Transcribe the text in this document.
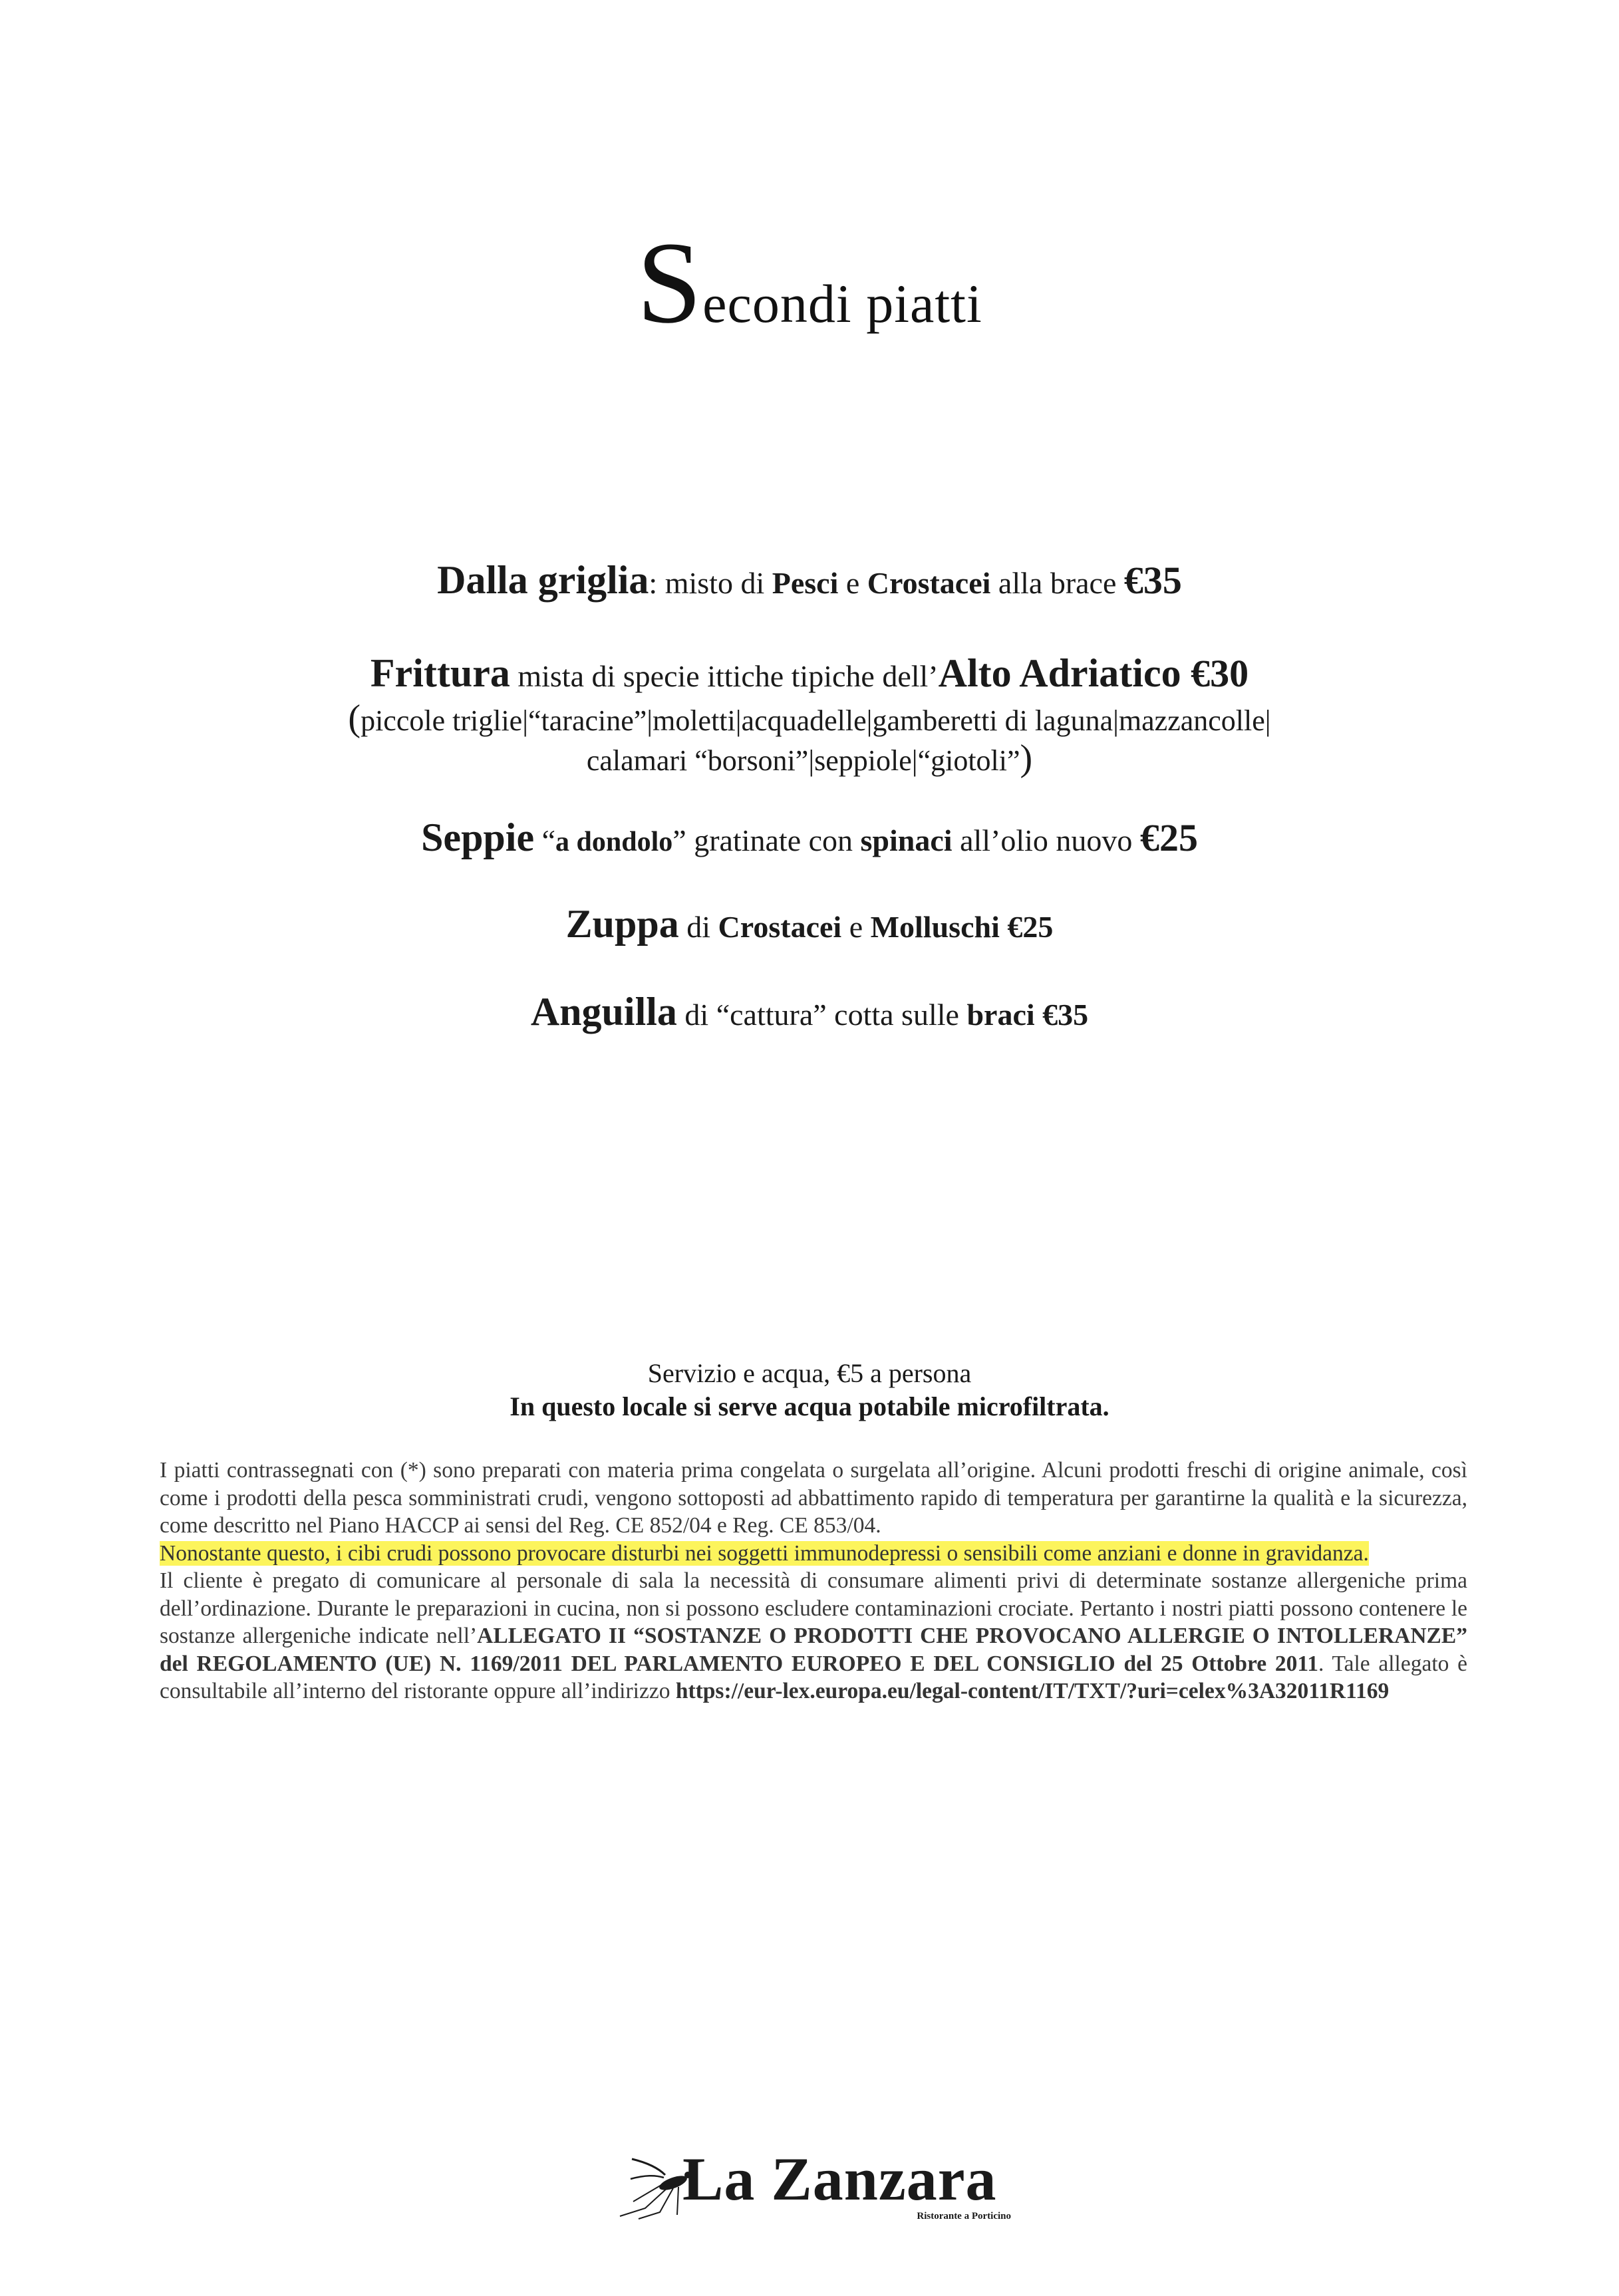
Secondi piatti
Dalla griglia: misto di Pesci e Crostacei alla brace €35
Frittura mista di specie ittiche tipiche dell’Alto Adriatico €30
(piccole triglie|“taracine”|moletti|acquadelle|gamberetti di laguna|mazzancolle|
calamari “borsoni”|seppiole|“giotoli”)
Seppie “a dondolo” gratinate con spinaci all’olio nuovo €25
Zuppa di Crostacei e Molluschi €25
Anguilla di “cattura” cotta sulle braci €35
Servizio e acqua, €5 a persona
In questo locale si serve acqua potabile microfiltrata.

I piatti contrassegnati con (*) sono preparati con materia prima congelata o surgelata all’origine. Alcuni prodotti freschi di origine animale, così come i prodotti della pesca somministrati crudi, vengono sottoposti ad abbattimento rapido di temperatura per garantirne la qualità e la sicurezza, come descritto nel Piano HACCP ai sensi del Reg. CE 852/04 e Reg. CE 853/04.

Nonostante questo, i cibi crudi possono provocare disturbi nei soggetti immunodepressi o sensibili come anziani e donne in gravidanza.

Il cliente è pregato di comunicare al personale di sala la necessità di consumare alimenti privi di determinate sostanze allergeniche prima dell’ordinazione. Durante le preparazioni in cucina, non si possono escludere contaminazioni crociate. Pertanto i nostri piatti possono contenere le sostanze allergeniche indicate nell’ALLEGATO II “SOSTANZE O PRODOTTI CHE PROVOCANO ALLERGIE O INTOLLERANZE” del REGOLAMENTO (UE) N. 1169/2011 DEL PARLAMENTO EUROPEO E DEL CONSIGLIO del 25 Ottobre 2011. Tale allegato è consultabile all’interno del ristorante oppure all’indirizzo https://eur-lex.europa.eu/legal-content/IT/TXT/?uri=celex%3A32011R1169

La Zanzara
Ristorante a Porticino
